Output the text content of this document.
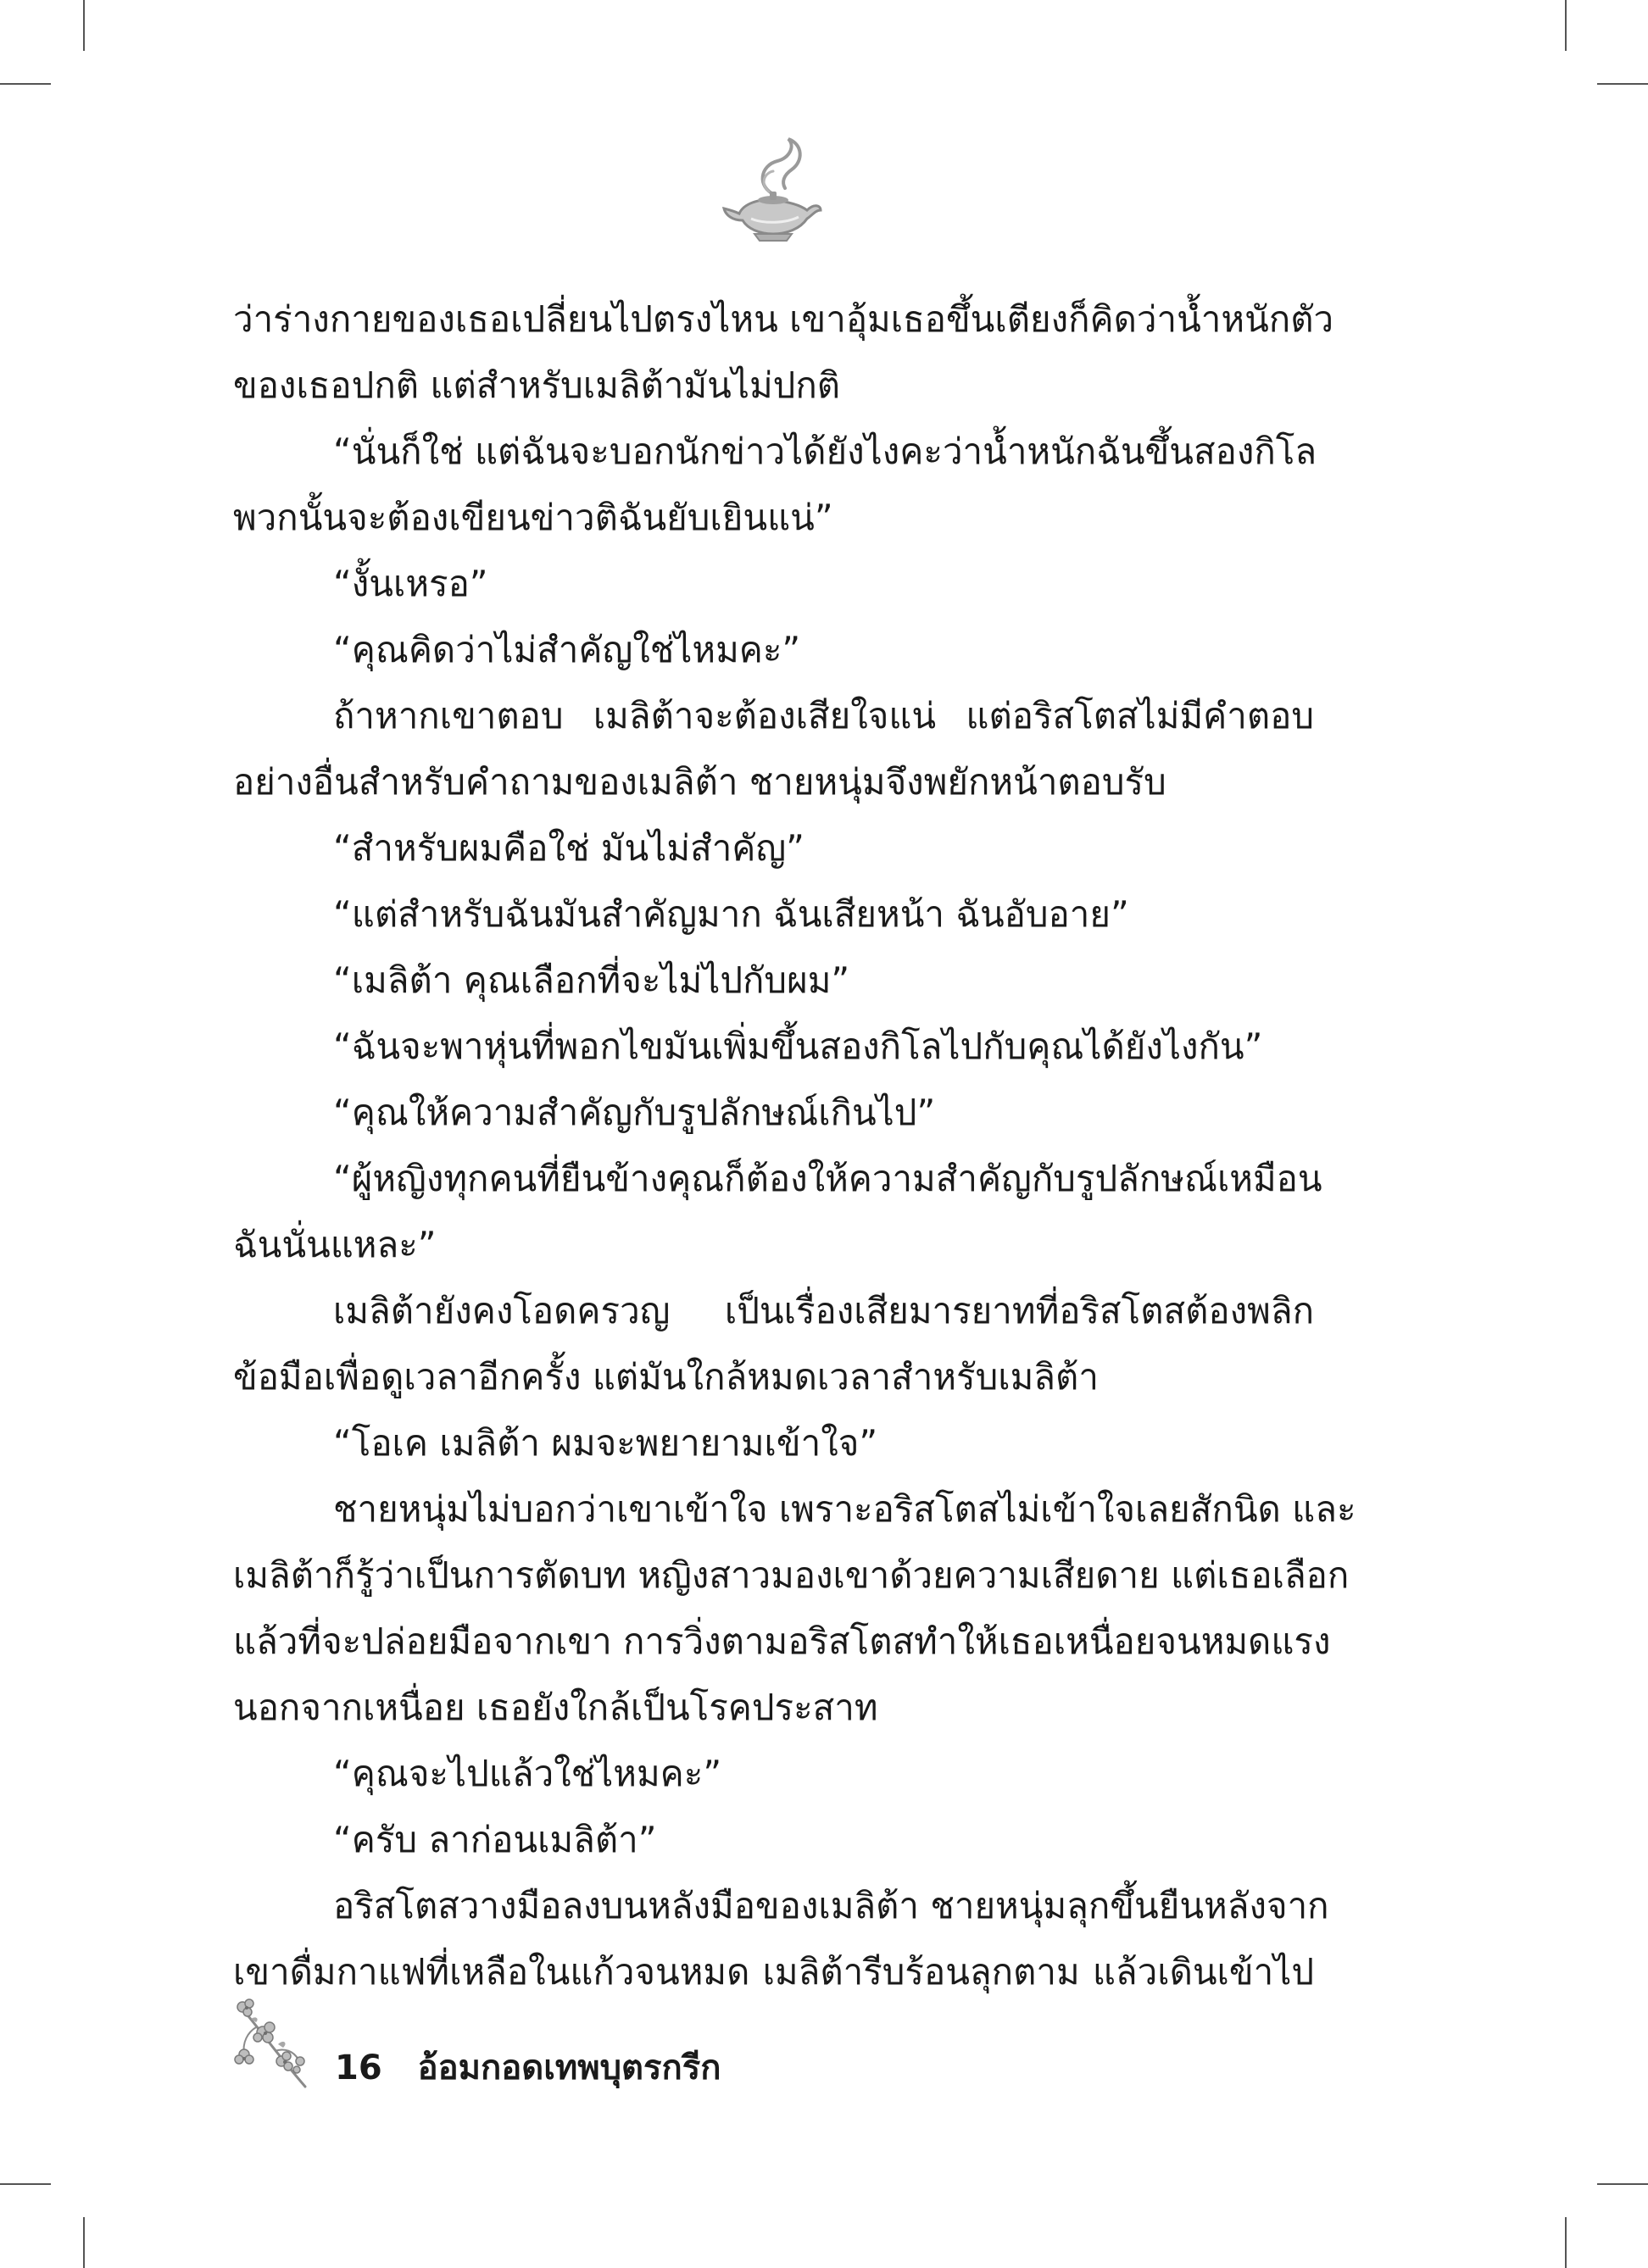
ว่าร่างกายของเธอเปลี่ยนไปตรงไหน เขาอุ้มเธอขึ้นเตียงก็คิดว่าน้ำหนักตัว

ของเธอปกติ แต่สำหรับเมลิต้ามันไม่ปกติ

“นั่นก็ใช่ แต่ฉันจะบอกนักข่าวได้ยังไงคะว่าน้ำหนักฉันขึ้นสองกิโล

พวกนั้นจะต้องเขียนข่าวติฉันยับเยินแน่”

“งั้นเหรอ”

“คุณคิดว่าไม่สำคัญใช่ไหมคะ”

ถ้าหากเขาตอบ เมลิต้าจะต้องเสียใจแน่ แต่อริสโตสไม่มีคำตอบ

อย่างอื่นสำหรับคำถามของเมลิต้า ชายหนุ่มจึงพยักหน้าตอบรับ

“สำหรับผมคือใช่ มันไม่สำคัญ”

“แต่สำหรับฉันมันสำคัญมาก ฉันเสียหน้า ฉันอับอาย”

“เมลิต้า คุณเลือกที่จะไม่ไปกับผม”

“ฉันจะพาหุ่นที่พอกไขมันเพิ่มขึ้นสองกิโลไปกับคุณได้ยังไงกัน”

“คุณให้ความสำคัญกับรูปลักษณ์เกินไป”

“ผู้หญิงทุกคนที่ยืนข้างคุณก็ต้องให้ความสำคัญกับรูปลักษณ์เหมือน

ฉันนั่นแหละ”

เมลิต้ายังคงโอดครวญ เป็นเรื่องเสียมารยาทที่อริสโตสต้องพลิก

ข้อมือเพื่อดูเวลาอีกครั้ง แต่มันใกล้หมดเวลาสำหรับเมลิต้า

“โอเค เมลิต้า ผมจะพยายามเข้าใจ”

ชายหนุ่มไม่บอกว่าเขาเข้าใจ เพราะอริสโตสไม่เข้าใจเลยสักนิด และ

เมลิต้าก็รู้ว่าเป็นการตัดบท หญิงสาวมองเขาด้วยความเสียดาย แต่เธอเลือก

แล้วที่จะปล่อยมือจากเขา การวิ่งตามอริสโตสทำให้เธอเหนื่อยจนหมดแรง

นอกจากเหนื่อย เธอยังใกล้เป็นโรคประสาท

“คุณจะไปแล้วใช่ไหมคะ”

“ครับ ลาก่อนเมลิต้า”

อริสโตสวางมือลงบนหลังมือของเมลิต้า ชายหนุ่มลุกขึ้นยืนหลังจาก

เขาดื่มกาแฟที่เหลือในแก้วจนหมด เมลิต้ารีบร้อนลุกตาม แล้วเดินเข้าไป

16 อ้อมกอดเทพบุตรกรีก
